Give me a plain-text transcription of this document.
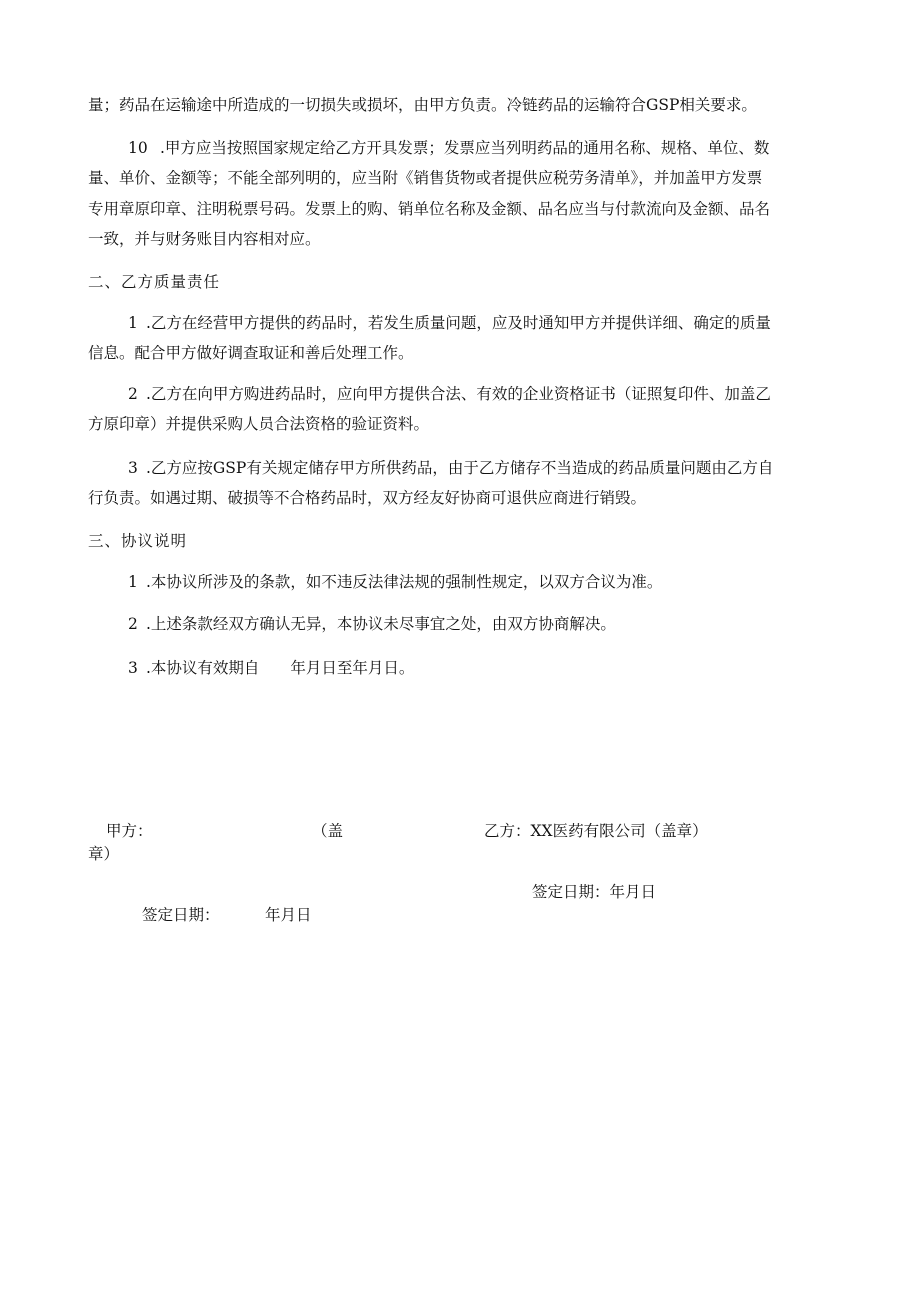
量；药品在运输途中所造成的一切损失或损坏，由甲方负责。冷链药品的运输符合GSP相关要求。
10 .甲方应当按照国家规定给乙方开具发票；发票应当列明药品的通用名称、规格、单位、数
量、单价、金额等；不能全部列明的，应当附《销售货物或者提供应税劳务清单》，并加盖甲方发票
专用章原印章、注明税票号码。发票上的购、销单位名称及金额、品名应当与付款流向及金额、品名
一致，并与财务账目内容相对应。
二、乙方质量责任
1 .乙方在经营甲方提供的药品时，若发生质量问题，应及时通知甲方并提供详细、确定的质量
信息。配合甲方做好调查取证和善后处理工作。
2 .乙方在向甲方购进药品时，应向甲方提供合法、有效的企业资格证书（证照复印件、加盖乙
方原印章）并提供采购人员合法资格的验证资料。
3 .乙方应按GSP有关规定储存甲方所供药品，由于乙方储存不当造成的药品质量问题由乙方自
行负责。如遇过期、破损等不合格药品时，双方经友好协商可退供应商进行销毁。
三、协议说明
1 .本协议所涉及的条款，如不违反法律法规的强制性规定，以双方合议为准。
2 .上述条款经双方确认无异，本协议未尽事宜之处，由双方协商解决。
3 .本协议有效期自　　年月日至年月日。
甲方：	（盖	乙方：XX医药有限公司（盖章）
章）
签定日期：年月日
签定日期：	年月日
